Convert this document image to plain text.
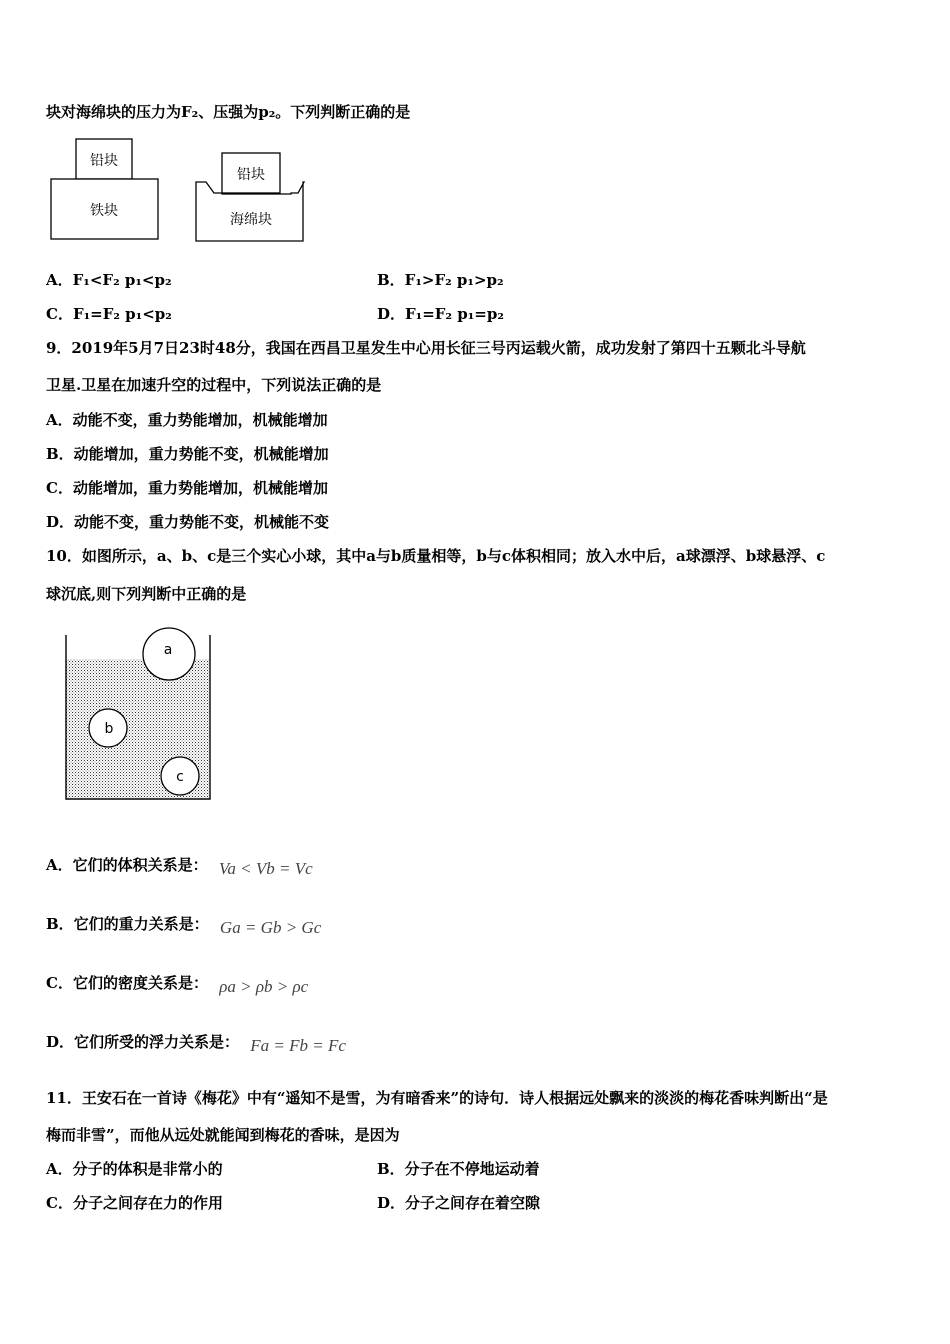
块对海绵块的压力为F₂、压强为p₂。下列判断正确的是
铅块
铁块
铅块
海绵块
A．F₁<F₂ p₁<p₂	B．F₁>F₂ p₁>p₂
C．F₁=F₂ p₁<p₂	D．F₁=F₂ p₁=p₂
9．2019年5月7日23时48分，我国在西昌卫星发生中心用长征三号丙运载火箭，成功发射了第四十五颗北斗导航
卫星.卫星在加速升空的过程中，下列说法正确的是
A．动能不变，重力势能增加，机械能增加
B．动能增加，重力势能不变，机械能增加
C．动能增加，重力势能增加，机械能增加
D．动能不变，重力势能不变，机械能不变
10．如图所示，a、b、c是三个实心小球，其中a与b质量相等，b与c体积相同；放入水中后，a球漂浮、b球悬浮、c
球沉底,则下列判断中正确的是
a
b
c
A．它们的体积关系是： Va < Vb = Vc
B．它们的重力关系是： Ga = Gb > Gc
C．它们的密度关系是： ρa > ρb > ρc
D．它们所受的浮力关系是： Fa = Fb = Fc
11．王安石在一首诗《梅花》中有“遥知不是雪，为有暗香来”的诗句．诗人根据远处飘来的淡淡的梅花香味判断出“是
梅而非雪”，而他从远处就能闻到梅花的香味，是因为
A．分子的体积是非常小的	B．分子在不停地运动着
C．分子之间存在力的作用	D．分子之间存在着空隙
